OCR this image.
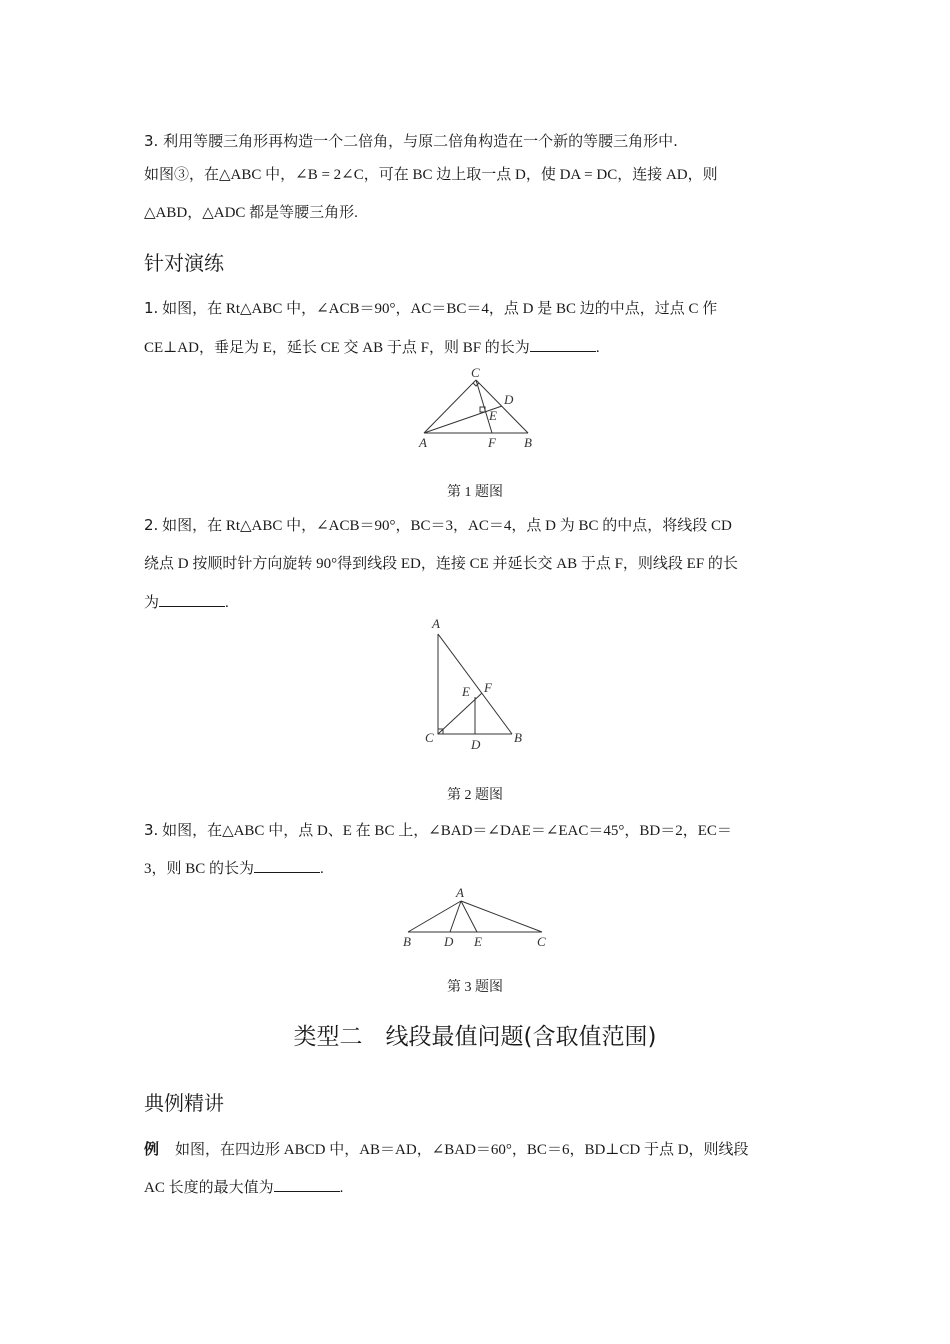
3. 利用等腰三角形再构造一个二倍角，与原二倍角构造在一个新的等腰三角形中.
如图③，在△ABC 中，∠B = 2∠C，可在 BC 边上取一点 D，使 DA = DC，连接 AD，则
△ABD，△ADC 都是等腰三角形.
针对演练
1. 如图，在 Rt△ABC 中，∠ACB＝90°，AC＝BC＝4，点 D 是 BC 边的中点，过点 C 作
CE⊥AD，垂足为 E，延长 CE 交 AB 于点 F，则 BF 的长为	.
A	B
C
D
E
F
第 1 题图
2. 如图，在 Rt△ABC 中，∠ACB＝90°，BC＝3，AC＝4，点 D 为 BC 的中点，将线段 CD
绕点 D 按顺时针方向旋转 90°得到线段 ED，连接 CE 并延长交 AB 于点 F，则线段 EF 的长
为	.
A
B
C	D
E F
第 2 题图
3. 如图，在△ABC 中，点 D、E 在 BC 上，∠BAD＝∠DAE＝∠EAC＝45°，BD＝2，EC＝
3，则 BC 的长为	.
A
B	D E	C
第 3 题图
类型二　线段最值问题(含取值范围)
典例精讲
例 如图，在四边形 ABCD 中，AB＝AD，∠BAD＝60°，BC＝6，BD⊥CD 于点 D，则线段
AC 长度的最大值为	.
